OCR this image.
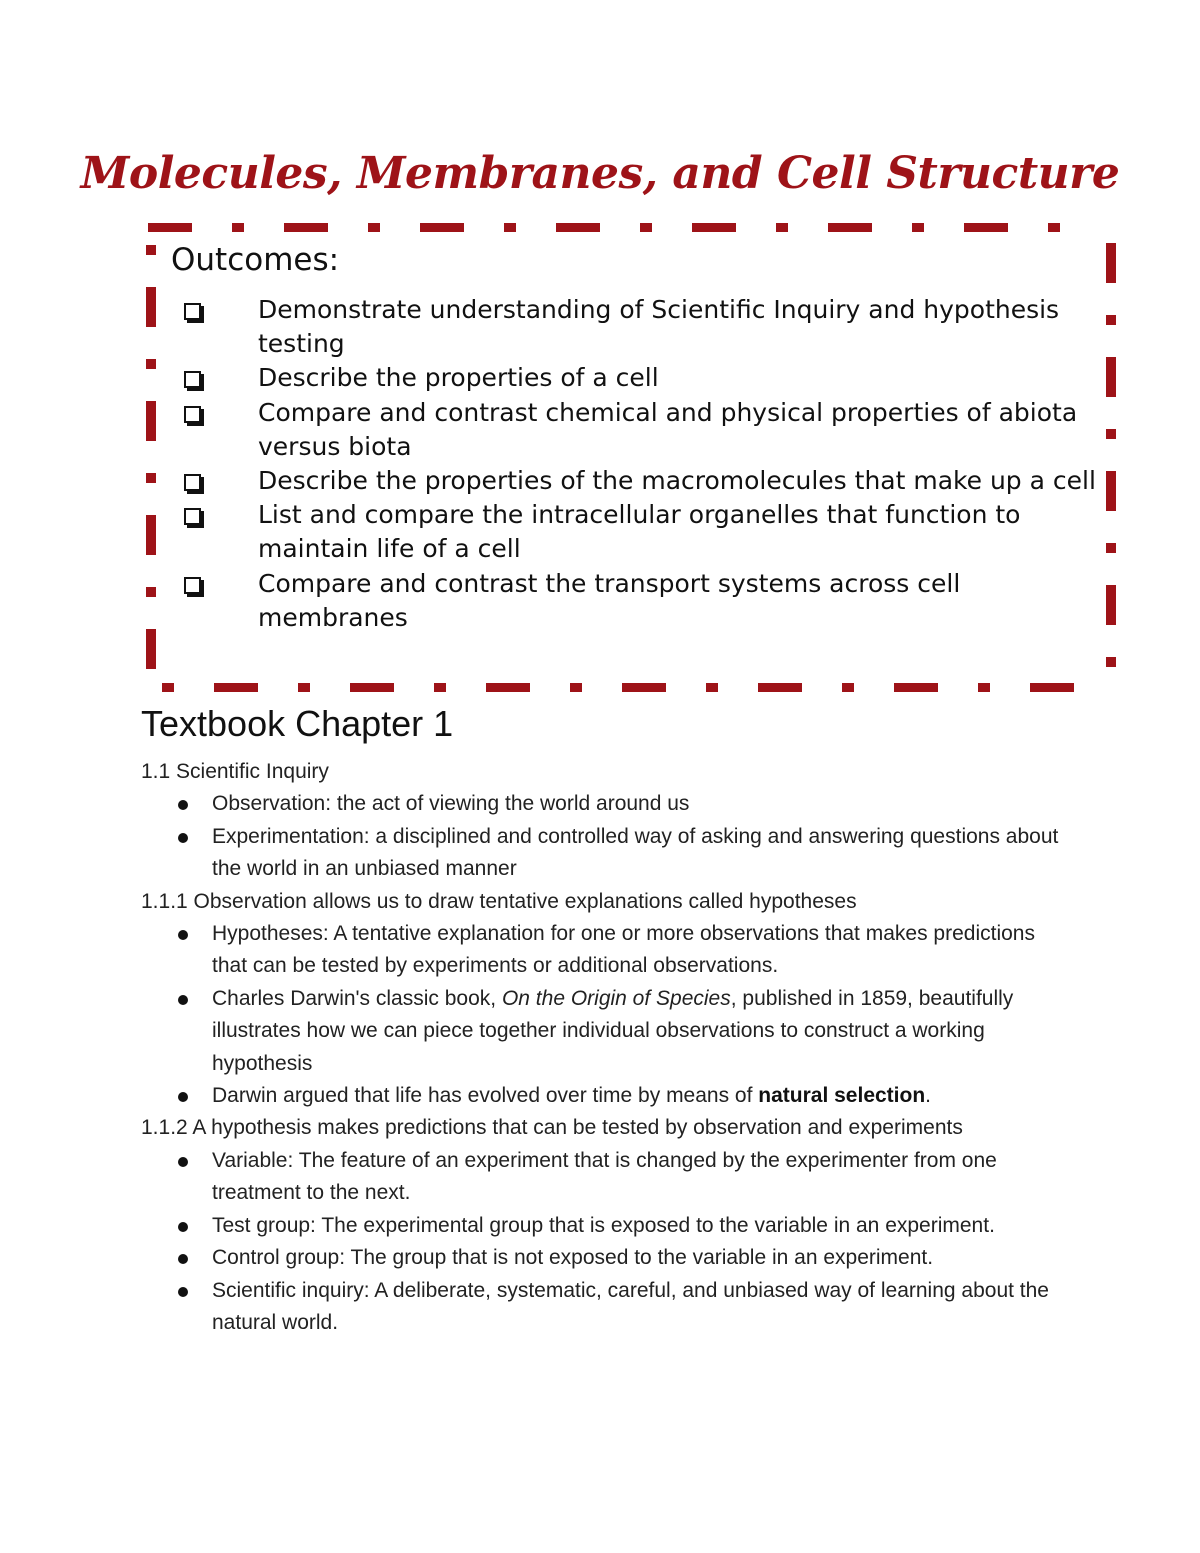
Molecules, Membranes, and Cell Structure
Outcomes:
Demonstrate understanding of Scientific Inquiry and hypothesis testing
Describe the properties of a cell
Compare and contrast chemical and physical properties of abiota versus biota
Describe the properties of the macromolecules that make up a cell
List and compare the intracellular organelles that function to maintain life of a cell
Compare and contrast the transport systems across cell membranes
Textbook Chapter 1

1.1 Scientific Inquiry

Observation: the act of viewing the world around us
Experimentation: a disciplined and controlled way of asking and answering questions about the world in an unbiased manner

1.1.1 Observation allows us to draw tentative explanations called hypotheses

Hypotheses: A tentative explanation for one or more observations that makes predictions that can be tested by experiments or additional observations.
Charles Darwin's classic book, On the Origin of Species, published in 1859, beautifully illustrates how we can piece together individual observations to construct a working hypothesis
Darwin argued that life has evolved over time by means of natural selection.

1.1.2 A hypothesis makes predictions that can be tested by observation and experiments

Variable: The feature of an experiment that is changed by the experimenter from one treatment to the next.
Test group: The experimental group that is exposed to the variable in an experiment.
Control group: The group that is not exposed to the variable in an experiment.
Scientific inquiry: A deliberate, systematic, careful, and unbiased way of learning about the natural world.
